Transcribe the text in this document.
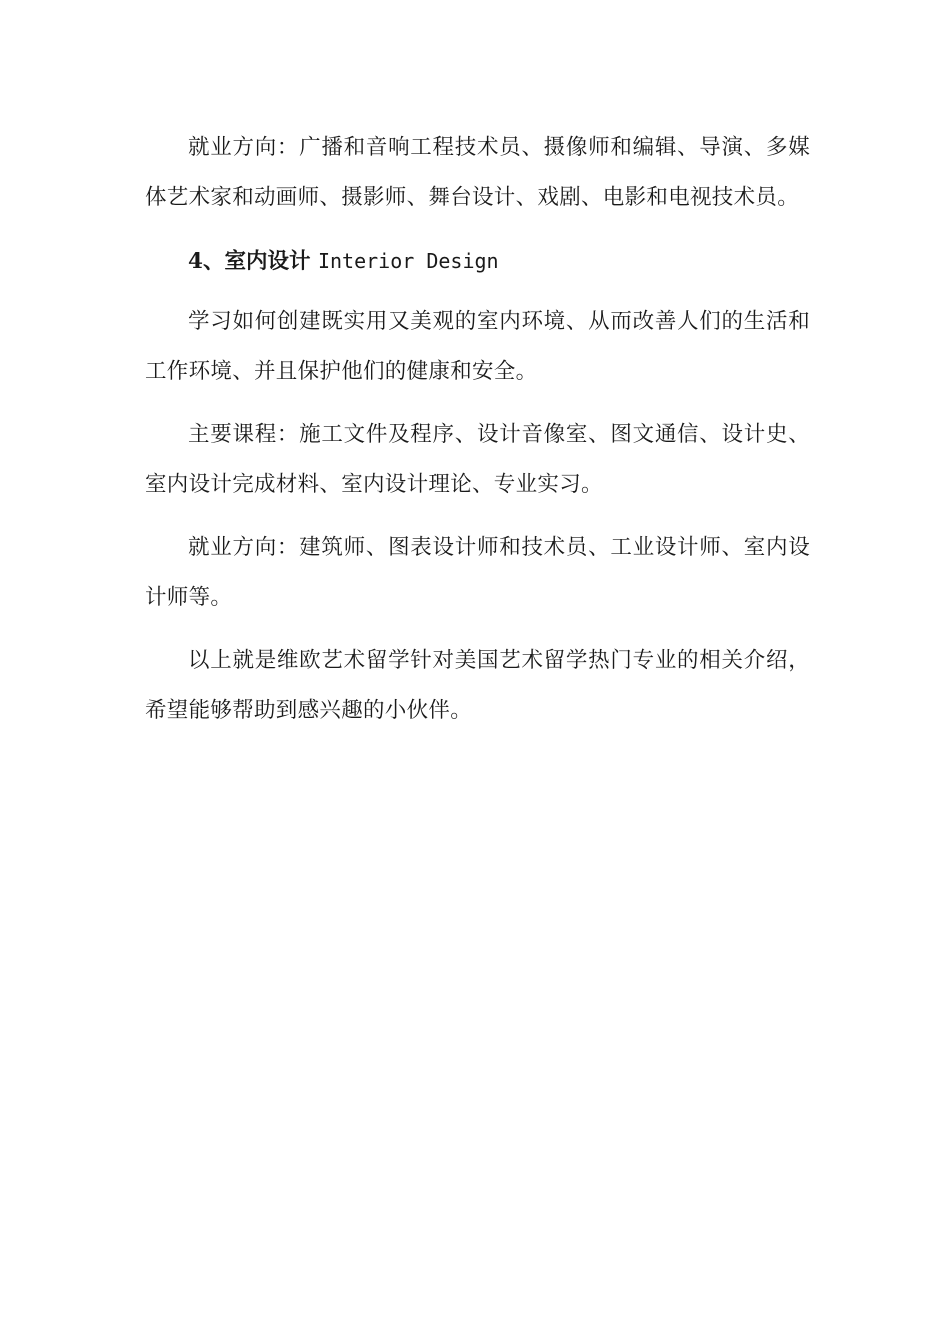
就业方向：广播和音响工程技术员、摄像师和编辑、导演、多媒体艺术家和动画师、摄影师、舞台设计、戏剧、电影和电视技术员。

4、室内设计 Interior Design

学习如何创建既实用又美观的室内环境、从而改善人们的生活和工作环境、并且保护他们的健康和安全。

主要课程：施工文件及程序、设计音像室、图文通信、设计史、室内设计完成材料、室内设计理论、专业实习。

就业方向：建筑师、图表设计师和技术员、工业设计师、室内设计师等。

以上就是维欧艺术留学针对美国艺术留学热门专业的相关介绍，希望能够帮助到感兴趣的小伙伴。
